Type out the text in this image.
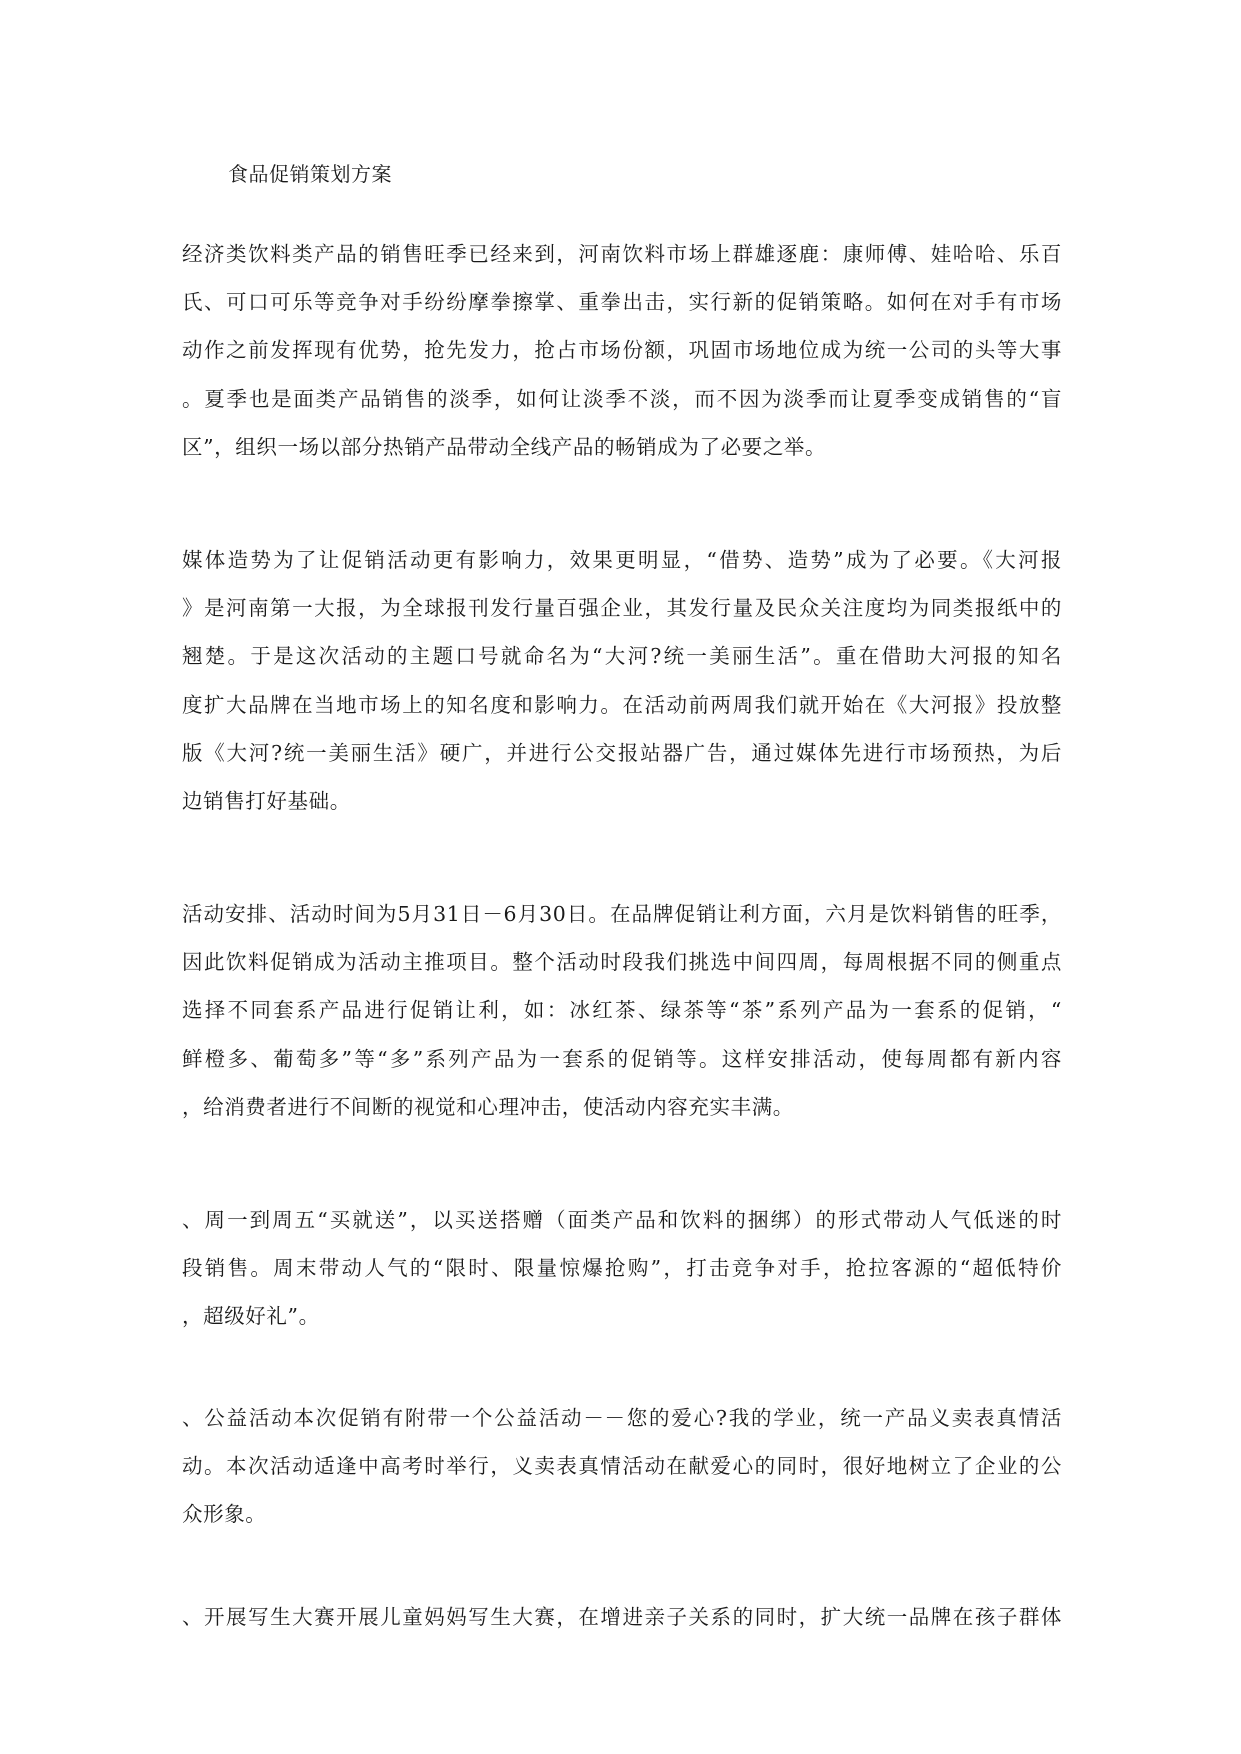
食品促销策划方案
经济类饮料类产品的销售旺季已经来到，河南饮料市场上群雄逐鹿：康师傅、娃哈哈、乐百
氏、可口可乐等竞争对手纷纷摩拳擦掌、重拳出击，实行新的促销策略。如何在对手有市场
动作之前发挥现有优势，抢先发力，抢占市场份额，巩固市场地位成为统一公司的头等大事
。夏季也是面类产品销售的淡季，如何让淡季不淡，而不因为淡季而让夏季变成销售的“盲
区”，组织一场以部分热销产品带动全线产品的畅销成为了必要之举。
媒体造势为了让促销活动更有影响力，效果更明显，“借势、造势”成为了必要。《大河报
》是河南第一大报，为全球报刊发行量百强企业，其发行量及民众关注度均为同类报纸中的
翘楚。于是这次活动的主题口号就命名为“大河?统一美丽生活”。重在借助大河报的知名
度扩大品牌在当地市场上的知名度和影响力。在活动前两周我们就开始在《大河报》投放整
版《大河?统一美丽生活》硬广，并进行公交报站器广告，通过媒体先进行市场预热，为后
边销售打好基础。
活动安排、活动时间为5月31日－6月30日。在品牌促销让利方面，六月是饮料销售的旺季，
因此饮料促销成为活动主推项目。整个活动时段我们挑选中间四周，每周根据不同的侧重点
选择不同套系产品进行促销让利，如：冰红茶、绿茶等“茶”系列产品为一套系的促销，“
鲜橙多、葡萄多”等“多”系列产品为一套系的促销等。这样安排活动，使每周都有新内容
，给消费者进行不间断的视觉和心理冲击，使活动内容充实丰满。
、周一到周五“买就送”，以买送搭赠（面类产品和饮料的捆绑）的形式带动人气低迷的时
段销售。周末带动人气的“限时、限量惊爆抢购”，打击竞争对手，抢拉客源的“超低特价
，超级好礼”。
、公益活动本次促销有附带一个公益活动－－您的爱心?我的学业，统一产品义卖表真情活
动。本次活动适逢中高考时举行，义卖表真情活动在献爱心的同时，很好地树立了企业的公
众形象。
、开展写生大赛开展儿童妈妈写生大赛，在增进亲子关系的同时，扩大统一品牌在孩子群体
